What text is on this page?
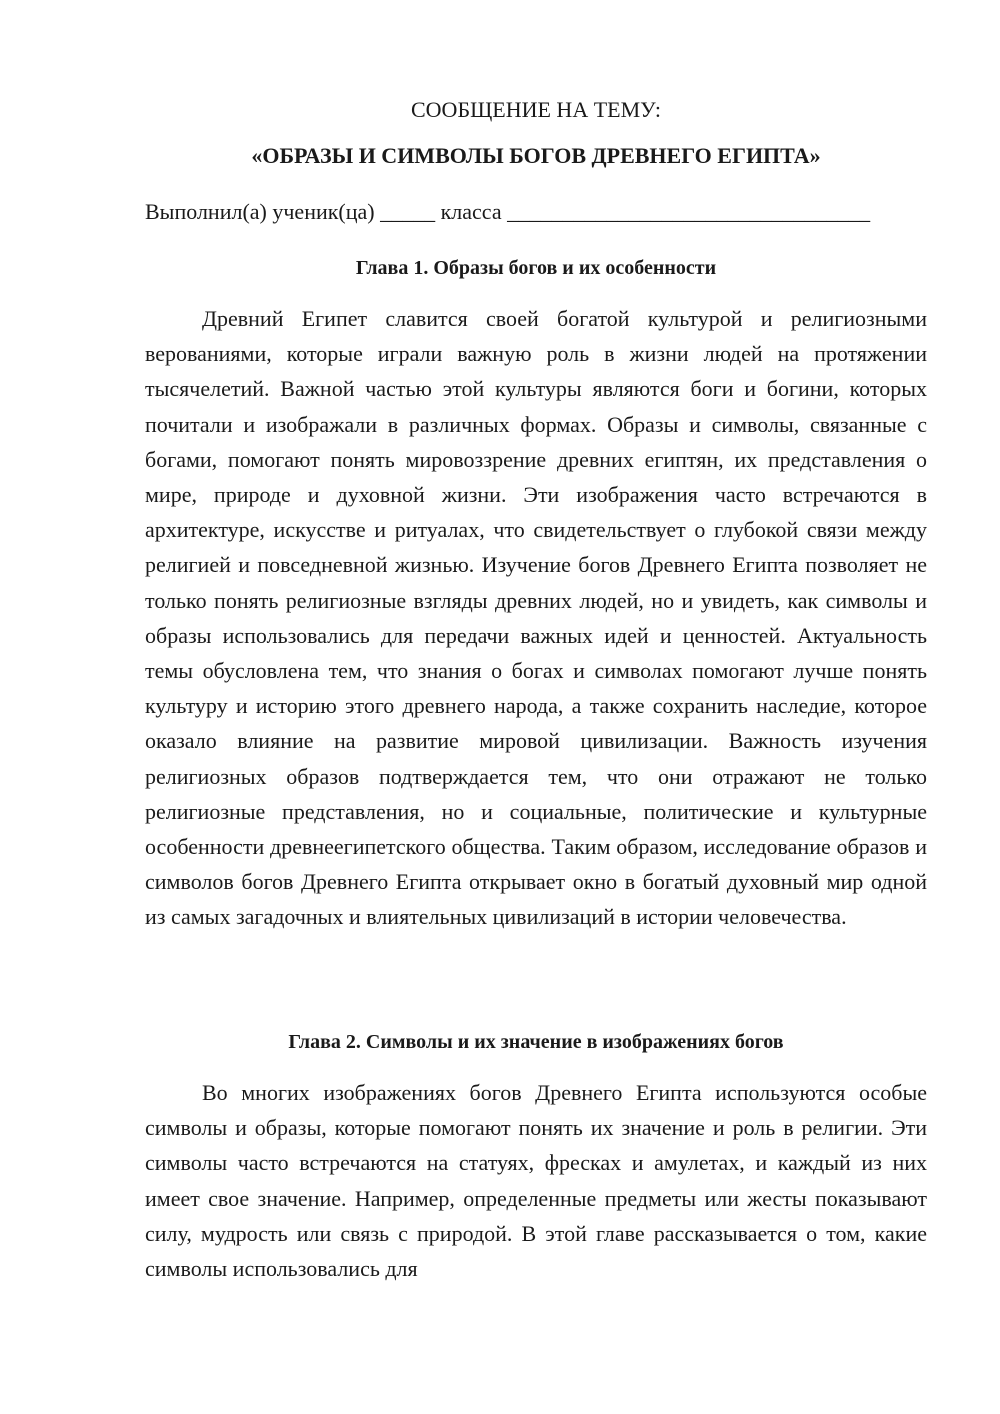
СООБЩЕНИЕ НА ТЕМУ:
«ОБРАЗЫ И СИМВОЛЫ БОГОВ ДРЕВНЕГО ЕГИПТА»
Выполнил(а) ученик(ца) _____ класса _________________________________
Глава 1. Образы богов и их особенности

Древний Египет славится своей богатой культурой и религиозными верованиями, которые играли важную роль в жизни людей на протяжении тысячелетий. Важной частью этой культуры являются боги и богини, которых почитали и изображали в различных формах. Образы и символы, связанные с богами, помогают понять мировоззрение древних египтян, их представления о мире, природе и духовной жизни. Эти изображения часто встречаются в архитектуре, искусстве и ритуалах, что свидетельствует о глубокой связи между религией и повседневной жизнью. Изучение богов Древнего Египта позволяет не только понять религиозные взгляды древних людей, но и увидеть, как символы и образы использовались для передачи важных идей и ценностей. Актуальность темы обусловлена тем, что знания о богах и символах помогают лучше понять культуру и историю этого древнего народа, а также сохранить наследие, которое оказало влияние на развитие мировой цивилизации. Важность изучения религиозных образов подтверждается тем, что они отражают не только религиозные представления, но и социальные, политические и культурные особенности древнеегипетского общества. Таким образом, исследование образов и символов богов Древнего Египта открывает окно в богатый духовный мир одной из самых загадочных и влиятельных цивилизаций в истории человечества.

Глава 2. Символы и их значение в изображениях богов

Во многих изображениях богов Древнего Египта используются особые символы и образы, которые помогают понять их значение и роль в религии. Эти символы часто встречаются на статуях, фресках и амулетах, и каждый из них имеет свое значение. Например, определенные предметы или жесты показывают силу, мудрость или связь с природой. В этой главе рассказывается о том, какие символы использовались для
